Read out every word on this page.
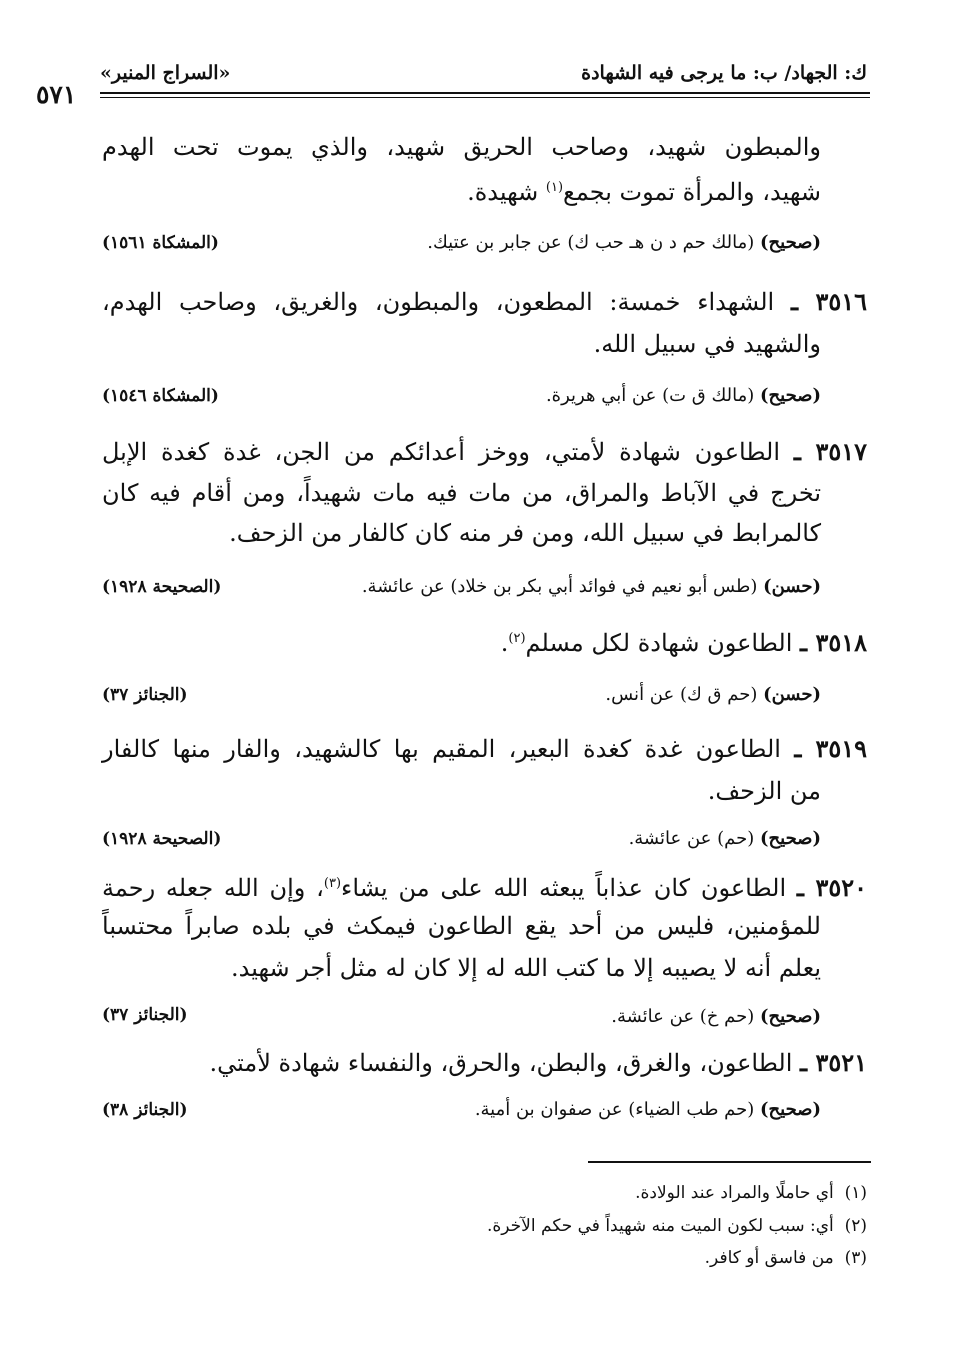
ك: الجهاد/ ب: ما يرجى فيه الشهادة
«السراج المنير»
٥٧١
والمبطون شهيد، وصاحب الحريق شهيد، والذي يموت تحت الهدم
شهيد، والمرأة تموت بجمع$^{(١)}$ شهيدة.
(صحيح) (مالك حم د ن هـ حب ك) عن جابر بن عتيك.
(المشكاة ١٥٦١)
٣٥١٦ ـ الشهداء خمسة: المطعون، والمبطون، والغريق، وصاحب الهدم،
والشهيد في سبيل الله.
(صحيح) (مالك ق ت) عن أبي هريرة.
(المشكاة ١٥٤٦)
٣٥١٧ ـ الطاعون شهادة لأمتي، ووخز أعدائكم من الجن، غدة كغدة الإبل
تخرج في الآباط والمراق، من مات فيه مات شهيداً، ومن أقام فيه كان
كالمرابط في سبيل الله، ومن فر منه كان كالفار من الزحف.
(حسن) (طس أبو نعيم في فوائد أبي بكر بن خلاد) عن عائشة.
(الصحيحة ١٩٢٨)
٣٥١٨ ـ الطاعون شهادة لكل مسلم$^{(٢)}$.
(حسن) (حم ق ك) عن أنس.
(الجنائز ٣٧)
٣٥١٩ ـ الطاعون غدة كغدة البعير، المقيم بها كالشهيد، والفار منها كالفار
من الزحف.
(صحيح) (حم) عن عائشة.
(الصحيحة ١٩٢٨)
٣٥٢٠ ـ الطاعون كان عذاباً يبعثه الله على من يشاء$^{(٣)}$، وإن الله جعله رحمة
للمؤمنين، فليس من أحد يقع الطاعون فيمكث في بلده صابراً محتسباً
يعلم أنه لا يصيبه إلا ما كتب الله له إلا كان له مثل أجر شهيد.
(صحيح) (حم خ) عن عائشة.
(الجنائز ٣٧)
٣٥٢١ ـ الطاعون، والغرق، والبطن، والحرق، والنفساء شهادة لأمتي.
(صحيح) (حم طب الضياء) عن صفوان بن أمية.
(الجنائز ٣٨)
(١)  أي حاملًا والمراد عند الولادة.
(٢)  أي: سبب لكون الميت منه شهيداً في حكم الآخرة.
(٣)  من فاسق أو كافر.
